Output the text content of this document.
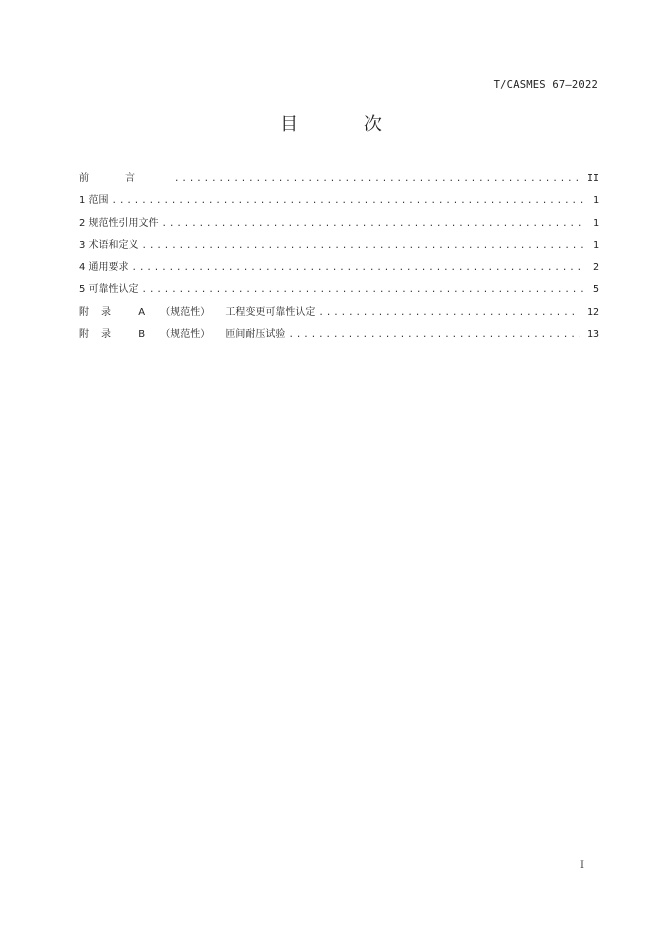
T/CASMES 67—2022
目 次
前言 .....	II
1 范围 .....	1
2 规范性引用文件 .....	1
3 术语和定义 .....	1
4 通用要求 .....	2
5 可靠性认定 .....	5
附录 A （规范性） 工程变更可靠性认定 .....	12
附录 B （规范性） 匝间耐压试验 .....	13
I
